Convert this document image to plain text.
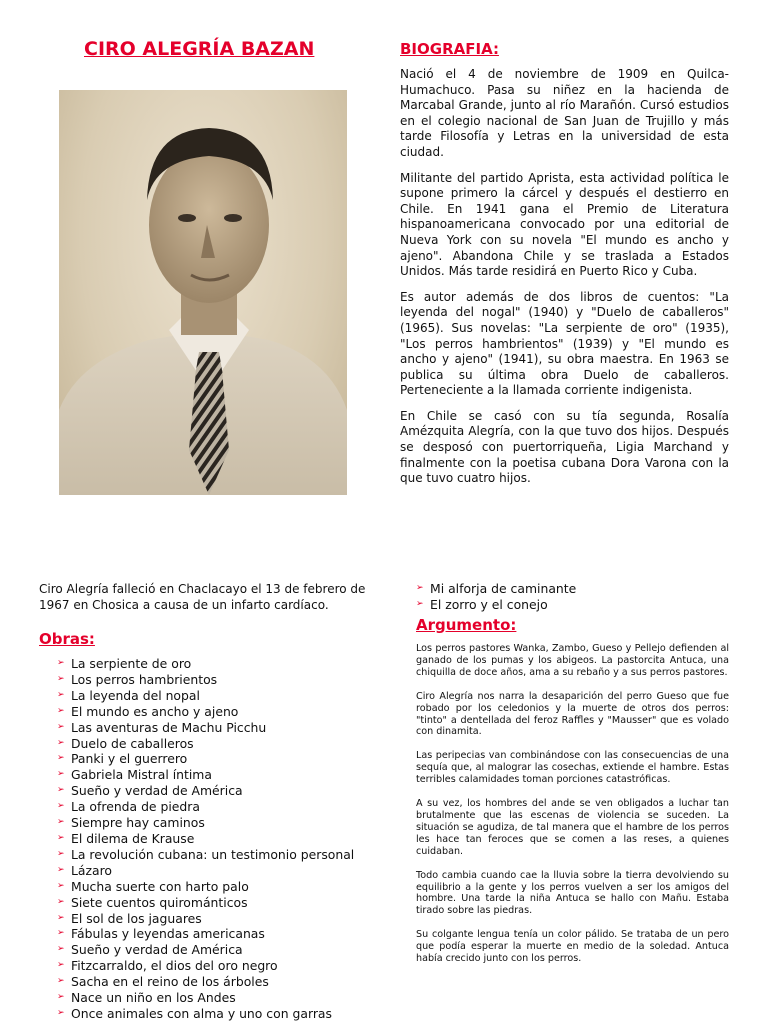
CIRO ALEGRÍA BAZAN	BIOGRAFIA:

Nació el 4 de noviembre de 1909 en Quilca-Humachuco. Pasa su niñez en la hacienda de Marcabal Grande, junto al río Marañón. Cursó estudios en el colegio nacional de San Juan de Trujillo y más tarde Filosofía y Letras en la universidad de esta ciudad.

Militante del partido Aprista, esta actividad política le supone primero la cárcel y después el destierro en Chile. En 1941 gana el Premio de Literatura hispanoamericana convocado por una editorial de Nueva York con su novela "El mundo es ancho y ajeno". Abandona Chile y se traslada a Estados Unidos. Más tarde residirá en Puerto Rico y Cuba.

Es autor además de dos libros de cuentos: "La leyenda del nogal" (1940) y "Duelo de caballeros" (1965). Sus novelas: "La serpiente de oro" (1935), "Los perros hambrientos" (1939) y "El mundo es ancho y ajeno" (1941), su obra maestra. En 1963 se publica su última obra Duelo de caballeros. Perteneciente a la llamada corriente indigenista.

En Chile se casó con su tía segunda, Rosalía Amézquita Alegría, con la que tuvo dos hijos. Después se desposó con puertorriqueña, Ligia Marchand y finalmente con la poetisa cubana Dora Varona con la que tuvo cuatro hijos.

Ciro Alegría falleció en Chaclacayo el 13 de febrero de 1967 en Chosica a causa de un infarto cardíaco.

Obras:
➢ La serpiente de oro
➢ Los perros hambrientos
➢ La leyenda del nopal
➢ El mundo es ancho y ajeno
➢ Las aventuras de Machu Picchu
➢ Duelo de caballeros
➢ Panki y el guerrero
➢ Gabriela Mistral íntima
➢ Sueño y verdad de América
➢ La ofrenda de piedra
➢ Siempre hay caminos
➢ El dilema de Krause
➢ La revolución cubana: un testimonio personal
➢ Lázaro
➢ Mucha suerte con harto palo
➢ Siete cuentos quirománticos
➢ El sol de los jaguares
➢ Fábulas y leyendas americanas
➢ Sueño y verdad de América
➢ Fitzcarraldo, el dios del oro negro
➢ Sacha en el reino de los árboles
➢ Nace un niño en los Andes
➢ Once animales con alma y uno con garras
➢ Mi alforja de caminante
➢ El zorro y el conejo
Argumento:

Los perros pastores Wanka, Zambo, Gueso y Pellejo defienden al ganado de los pumas y los abigeos. La pastorcita Antuca, una chiquilla de doce años, ama a su rebaño y a sus perros pastores.

Ciro Alegría nos narra la desaparición del perro Gueso que fue robado por los celedonios y la muerte de otros dos perros: "tinto" a dentellada del feroz Raffles y "Mausser" que es volado con dinamita.

Las peripecias van combinándose con las consecuencias de una sequía que, al malograr las cosechas, extiende el hambre. Estas terribles calamidades toman porciones catastróficas.

A su vez, los hombres del ande se ven obligados a luchar tan brutalmente que las escenas de violencia se suceden. La situación se agudiza, de tal manera que el hambre de los perros les hace tan feroces que se comen a las reses, a quienes cuidaban.

Todo cambia cuando cae la lluvia sobre la tierra devolviendo su equilibrio a la gente y los perros vuelven a ser los amigos del hombre. Una tarde la niña Antuca se hallo con Mañu. Estaba tirado sobre las piedras.

Su colgante lengua tenía un color pálido. Se trataba de un pero que podía esperar la muerte en medio de la soledad. Antuca había crecido junto con los perros.
